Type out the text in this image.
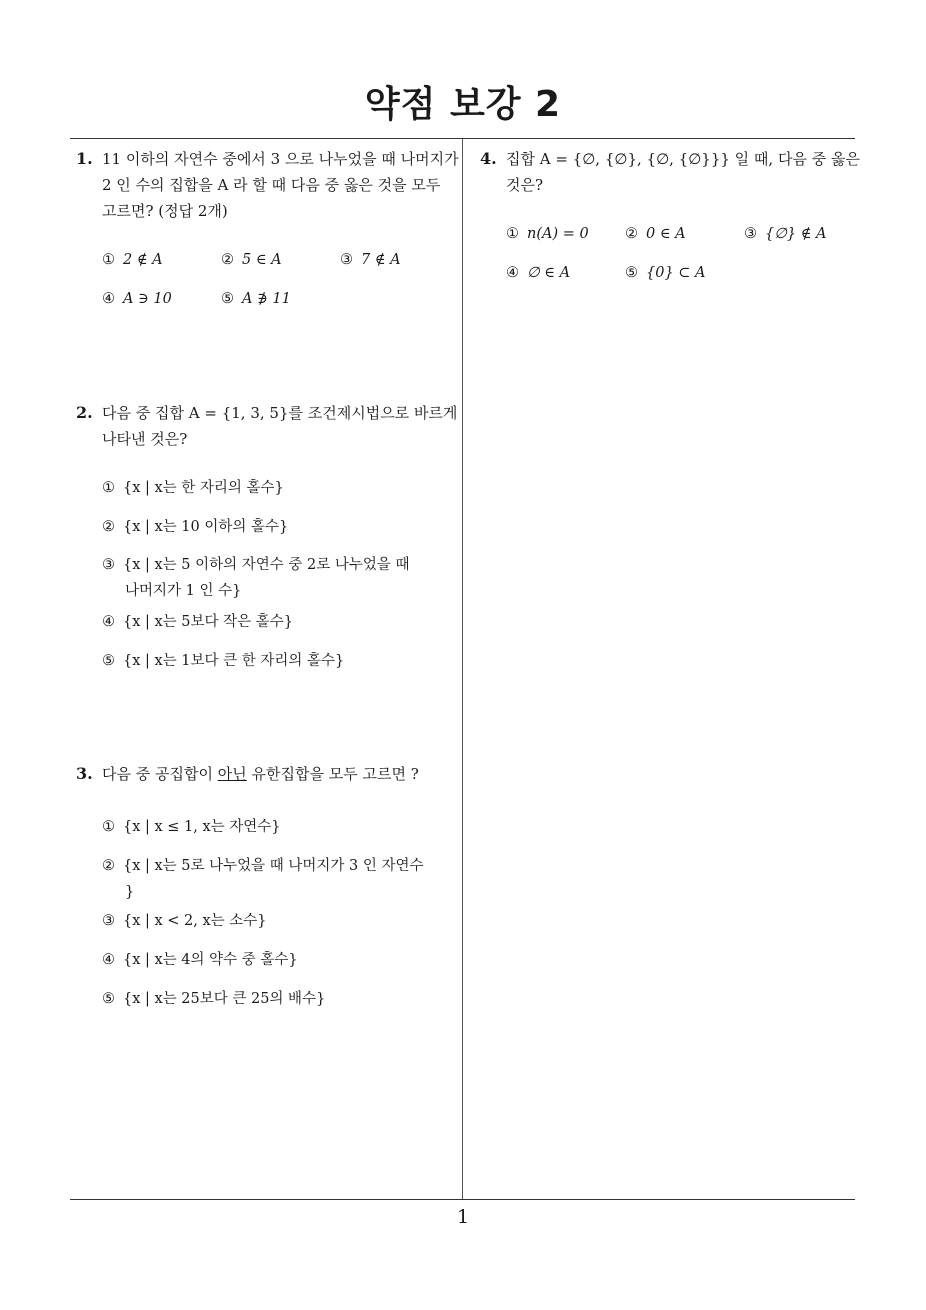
약점 보강 2
1
1. 11 이하의 자연수 중에서 3 으로 나누었을 때 나머지가
2 인 수의 집합을 A 라 할 때 다음 중 옳은 것을 모두
고르면? (정답 2개)
① 2 ∉ A	② 5 ∈ A	③ 7 ∉ A
④ A ∋ 10	⑤ A ∌ 11
2. 다음 중 집합 A = {1, 3, 5}를 조건제시법으로 바르게
나타낸 것은?
① {x | x는 한 자리의 홀수}
② {x | x는 10 이하의 홀수}
③ {x | x는 5 이하의 자연수 중 2로 나누었을 때
나머지가 1 인 수}
④ {x | x는 5보다 작은 홀수}
⑤ {x | x는 1보다 큰 한 자리의 홀수}
3. 다음 중 공집합이 아닌 유한집합을 모두 고르면 ?
① {x | x ≤ 1, x는 자연수}
② {x | x는 5로 나누었을 때 나머지가 3 인 자연수
}
③ {x | x < 2, x는 소수}
④ {x | x는 4의 약수 중 홀수}
⑤ {x | x는 25보다 큰 25의 배수}
4. 집합 A = {∅, {∅}, {∅, {∅}}} 일 때, 다음 중 옳은
것은?
① n(A) = 0	② 0 ∈ A	③ {∅} ∉ A
④ ∅ ∈ A	⑤ {0} ⊂ A
